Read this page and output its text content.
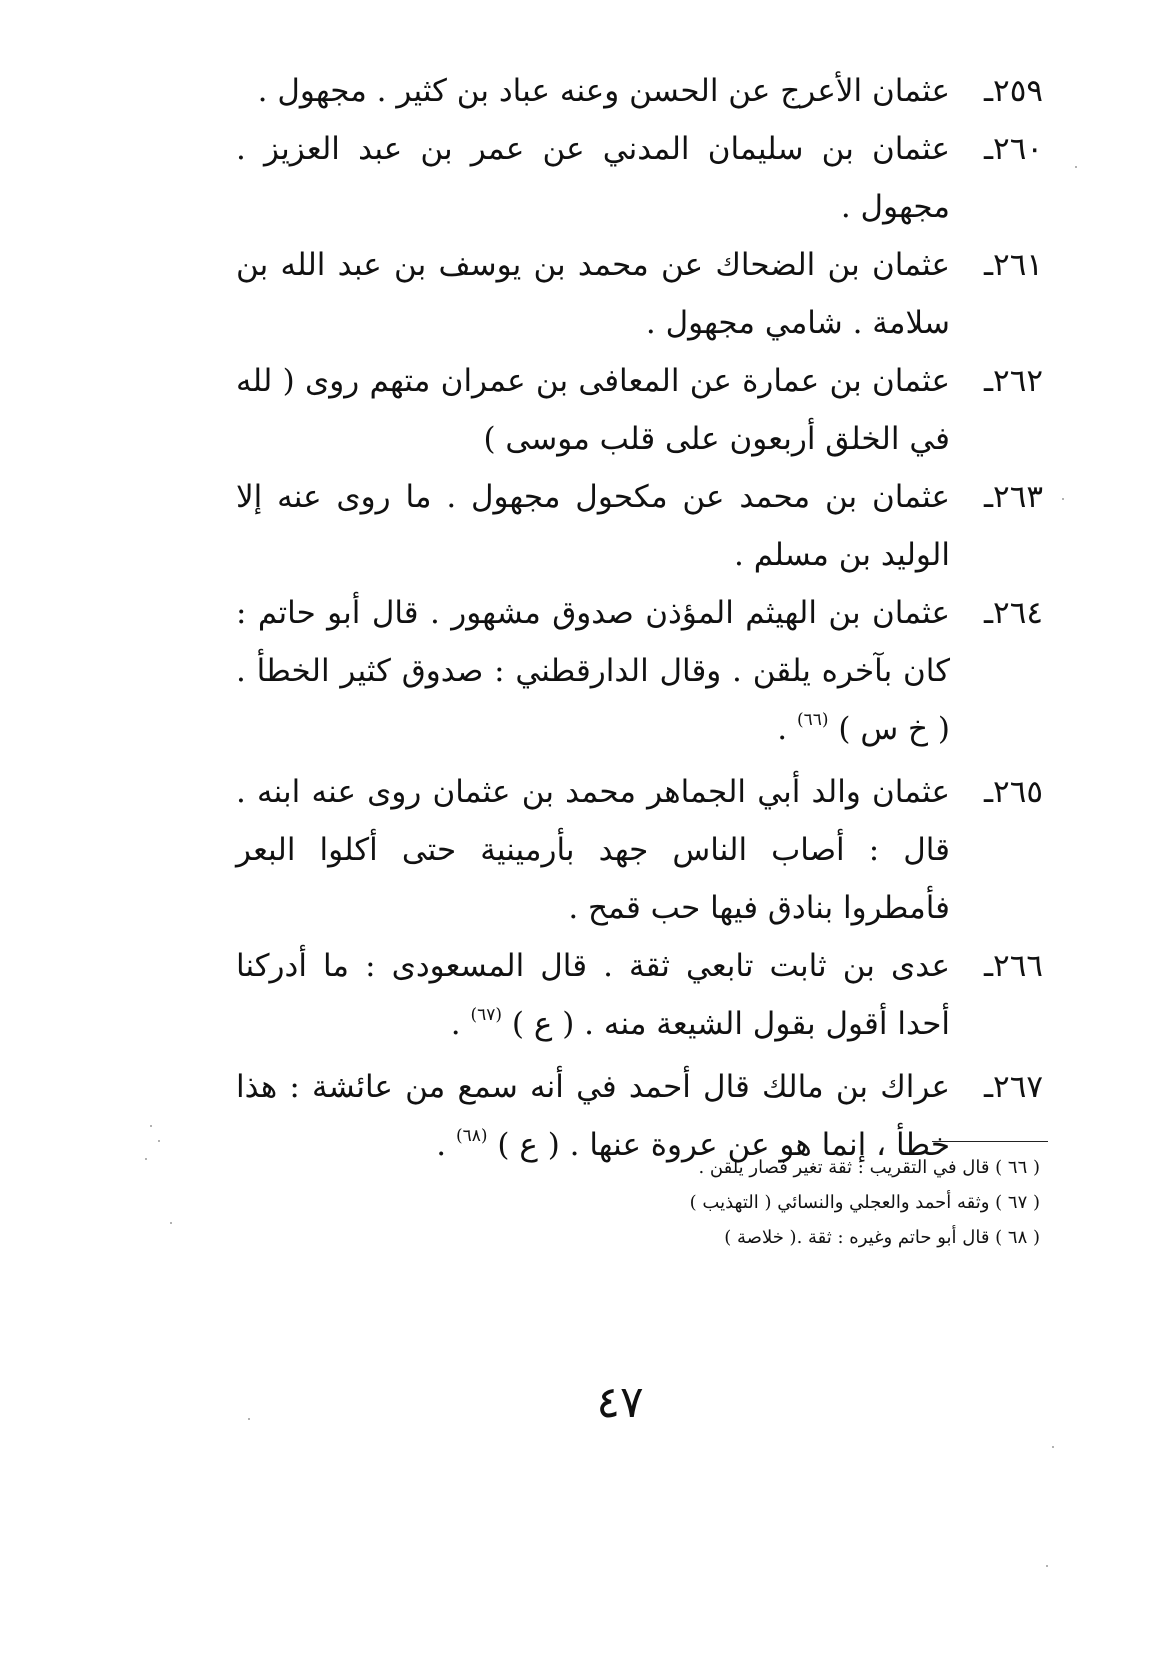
٢٥٩ـ
عثمان الأعرج عن الحسن وعنه عباد بن كثير . مجهول .
٢٦٠ـ
عثمان بن سليمان المدني عن عمر بن عبد العزيز . مجهول .
٢٦١ـ
عثمان بن الضحاك عن محمد بن يوسف بن عبد الله بن سلامة . شامي مجهول .
٢٦٢ـ
عثمان بن عمارة عن المعافى بن عمران متهم روى ( لله في الخلق أربعون على قلب موسى )
٢٦٣ـ
عثمان بن محمد عن مكحول مجهول . ما روى عنه إلا الوليد بن مسلم .
٢٦٤ـ
عثمان بن الهيثم المؤذن صدوق مشهور . قال أبو حاتم : كان بآخره يلقن . وقال الدارقطني : صدوق كثير الخطأ . ( خ س ) $^{(٦٦)}$ .
٢٦٥ـ
عثمان والد أبي الجماهر محمد بن عثمان روى عنه ابنه . قال : أصاب الناس جهد بأرمينية حتى أكلوا البعر فأمطروا بنادق فيها حب قمح .
٢٦٦ـ
عدى بن ثابت تابعي ثقة . قال المسعودى : ما أدركنا أحدا أقول بقول الشيعة منه . ( ع ) $^{(٦٧)}$ .
٢٦٧ـ
عراك بن مالك قال أحمد في أنه سمع من عائشة : هذا خطأ ، إنما هو عن عروة عنها . ( ع ) $^{(٦٨)}$ .
( ٦٦ ) قال في التقريب : ثقة تغير فصار يلقن .
( ٦٧ ) وثقه أحمد والعجلي والنسائي ( التهذيب )
( ٦٨ ) قال أبو حاتم وغيره : ثقة .( خلاصة )
٤٧
